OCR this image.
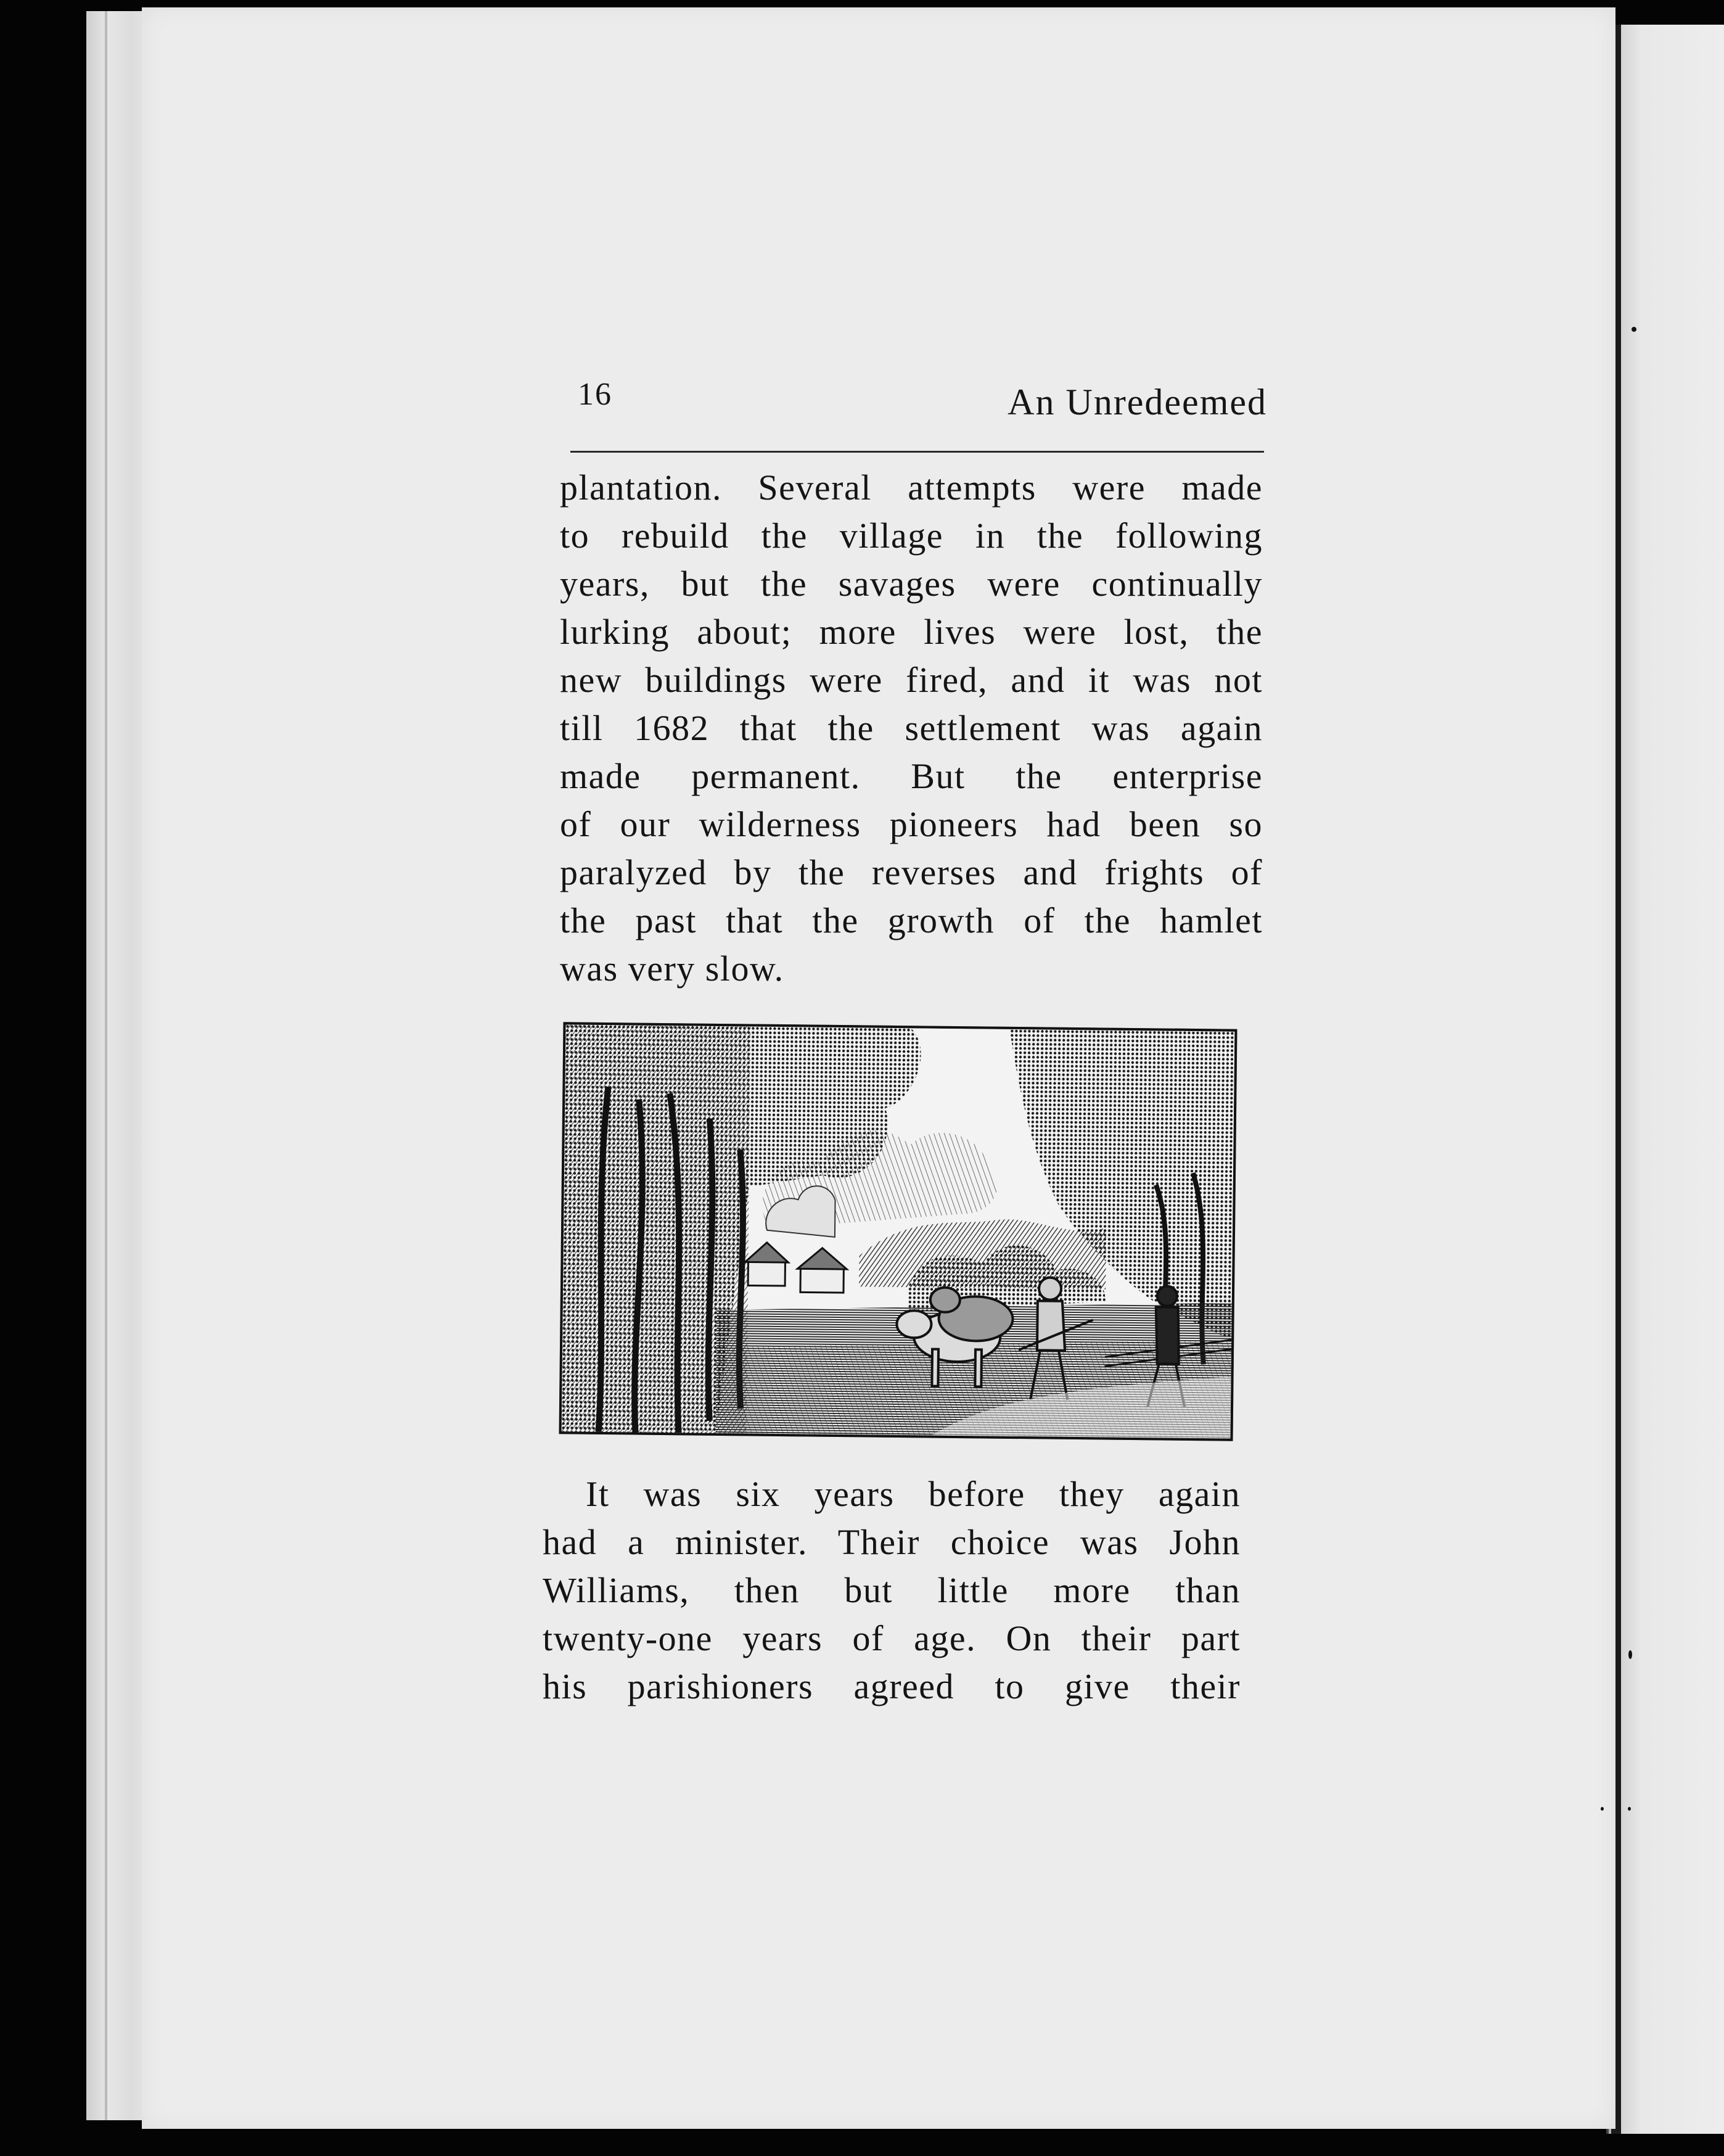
16	An Unredeemed
plantation. Several attempts were made
to rebuild the village in the following
years, but the savages were continually
lurking about; more lives were lost, the
new buildings were fired, and it was not
till 1682 that the settlement was again
made permanent. But the enterprise
of our wilderness pioneers had been so
paralyzed by the reverses and frights of
the past that the growth of the hamlet
was very slow.
It was six years before they again
had a minister. Their choice was John
Williams, then but little more than
twenty-one years of age. On their part
his parishioners agreed to give their
